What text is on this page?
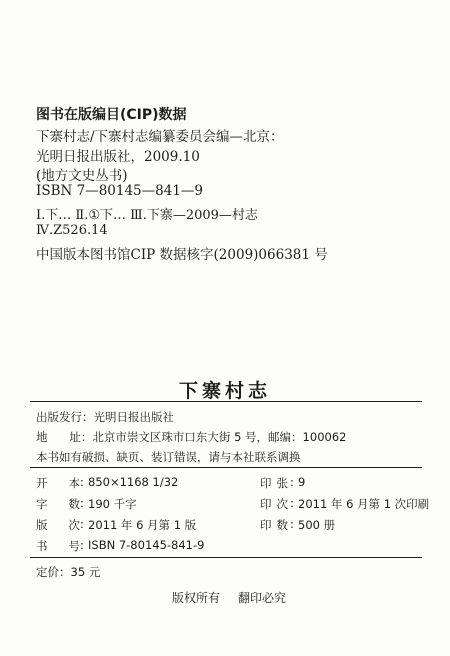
图书在版编目(CIP)数据
下寨村志/下寨村志编纂委员会编—北京：
光明日报出版社，2009.10
(地方文史丛书)
ISBN 7—80145—841—9
Ⅰ.下… Ⅱ.①下… Ⅲ.下寨—2009—村志
Ⅳ.Z526.14
中国版本图书馆CIP 数据核字(2009)066381 号
下寨村志
出版发行：光明日报出版社
地      址：北京市崇文区珠市口东大街 5 号，邮编：100062
本书如有破损、缺页、装订错误，请与本社联系调换
开 本 : 850×1168 1/32	印 张 : 9
字 数 : 190 千字	印 次 : 2011 年 6 月第 1 次印刷
版 次 : 2011 年 6 月第 1 版	印 数 : 500 册
书 号 : ISBN 7-80145-841-9
定价：35 元
版权所有 翻印必究
